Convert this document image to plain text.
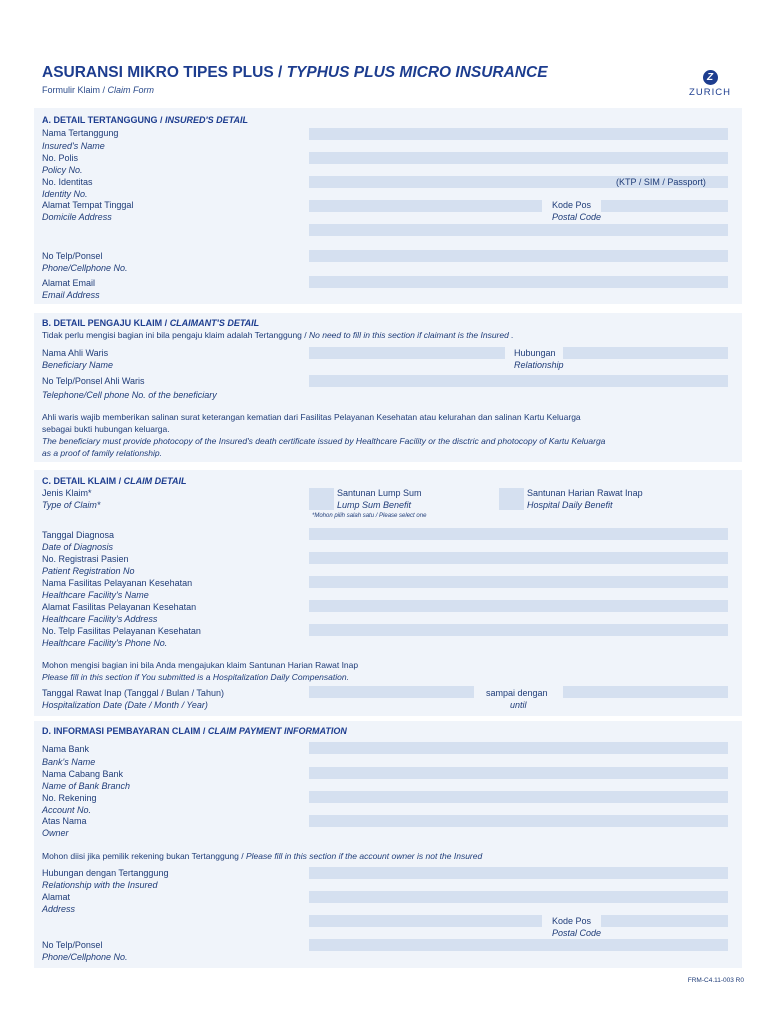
ASURANSI MIKRO TIPES PLUS / TYPHUS PLUS MICRO INSURANCE
Formulir Klaim / Claim Form
Z
ZURICH
A. DETAIL TERTANGGUNG / INSURED'S DETAIL
Nama Tertanggung
Insured's Name
No. Polis
Policy No.
No. Identitas
Identity No.
(KTP / SIM / Passport)
Alamat Tempat Tinggal
Domicile Address
Kode Pos
Postal Code
No Telp/Ponsel
Phone/Cellphone No.
Alamat Email
Email Address
B. DETAIL PENGAJU KLAIM / CLAIMANT'S DETAIL
Tidak perlu mengisi bagian ini bila pengaju klaim adalah Tertanggung / No need to fill in this section if claimant is the Insured .
Nama Ahli Waris
Beneficiary Name
Hubungan
Relationship
No Telp/Ponsel Ahli Waris
Telephone/Cell phone No. of the beneficiary
Ahli waris wajib memberikan salinan surat keterangan kematian dari Fasilitas Pelayanan Kesehatan atau kelurahan dan salinan Kartu Keluarga
sebagai bukti hubungan keluarga.
The beneficiary must provide photocopy of the Insured's death certificate issued by Healthcare Facility or the disctric and photocopy of Kartu Keluarga
as a proof of family relationship.
C. DETAIL KLAIM / CLAIM DETAIL
Jenis Klaim*
Type of Claim*
Santunan Lump Sum
Lump Sum Benefit
*Mohon pilih salah satu / Please select one
Santunan Harian Rawat Inap
Hospital Daily Benefit
Tanggal Diagnosa
Date of Diagnosis
No. Registrasi Pasien
Patient Registration No
Nama Fasilitas Pelayanan Kesehatan
Healthcare Facility's Name
Alamat Fasilitas Pelayanan Kesehatan
Healthcare Facility's Address
No. Telp Fasilitas Pelayanan Kesehatan
Healthcare Facility's Phone No.
Mohon mengisi bagian ini bila Anda mengajukan klaim Santunan Harian Rawat Inap
Please fill in this section if You submitted is a Hospitalization Daily Compensation.
Tanggal Rawat Inap (Tanggal / Bulan / Tahun)
Hospitalization Date (Date / Month / Year)
sampai dengan
until
D. INFORMASI PEMBAYARAN CLAIM / CLAIM PAYMENT INFORMATION
Nama Bank
Bank's Name
Nama Cabang Bank
Name of Bank Branch
No. Rekening
Account No.
Atas Nama
Owner
Mohon diisi jika pemilik rekening bukan Tertanggung / Please fill in this section if the account owner is not the Insured
Hubungan dengan Tertanggung
Relationship with the Insured
Alamat
Address
Kode Pos
Postal Code
No Telp/Ponsel
Phone/Cellphone No.
FRM-C4.11-003 R0
